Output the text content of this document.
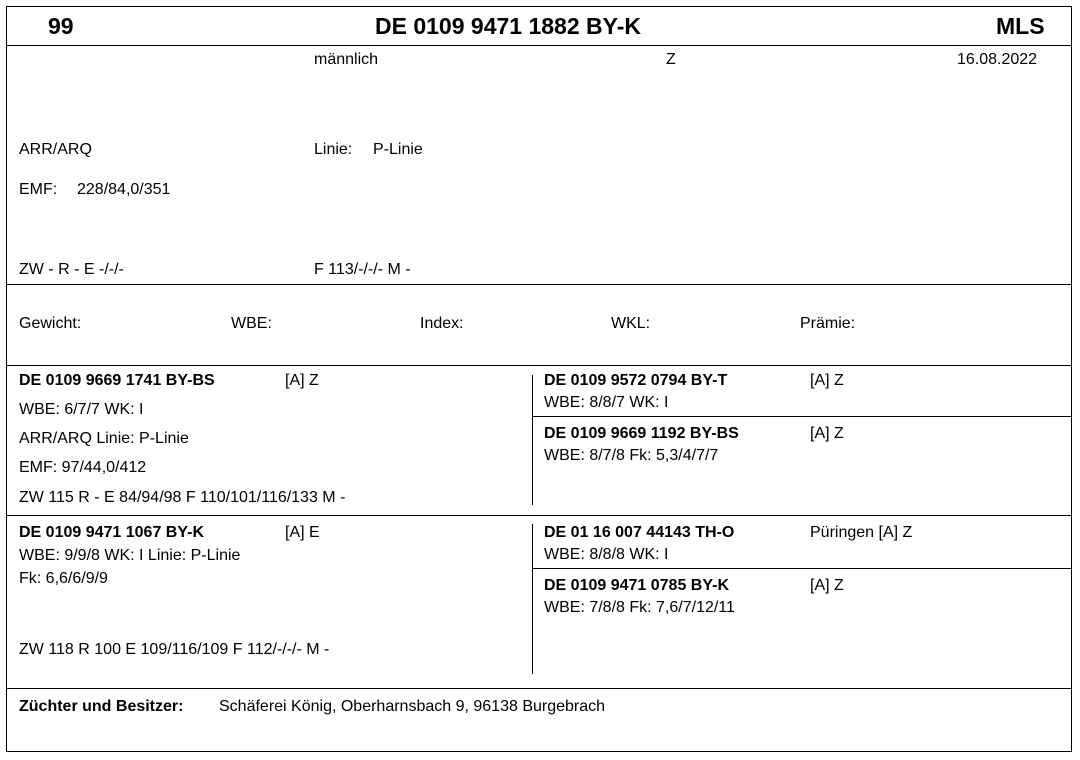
99	DE 0109 9471 1882 BY-K	MLS
männlich	Z	16.08.2022
ARR/ARQ	Linie: P-Linie
EMF: 228/84,0/351
ZW - R - E -/-/-	F 113/-/-/- M -
Gewicht:	WBE:	Index:	WKL:	Prämie:
DE 0109 9669 1741 BY-BS	[A] Z
WBE: 6/7/7 WK: I
ARR/ARQ Linie: P-Linie
EMF: 97/44,0/412
ZW 115 R - E 84/94/98 F 110/101/116/133 M -
DE 0109 9572 0794 BY-T	[A] Z
WBE: 8/8/7 WK: I
DE 0109 9669 1192 BY-BS	[A] Z
WBE: 8/7/8 Fk: 5,3/4/7/7
DE 0109 9471 1067 BY-K	[A] E
WBE: 9/9/8 WK: I Linie: P-Linie
Fk: 6,6/6/9/9
ZW 118 R 100 E 109/116/109 F 112/-/-/- M -
DE 01 16 007 44143 TH-O	Püringen [A] Z
WBE: 8/8/8 WK: I
DE 0109 9471 0785 BY-K	[A] Z
WBE: 7/8/8 Fk: 7,6/7/12/11
Züchter und Besitzer: Schäferei König, Oberharnsbach 9, 96138 Burgebrach
